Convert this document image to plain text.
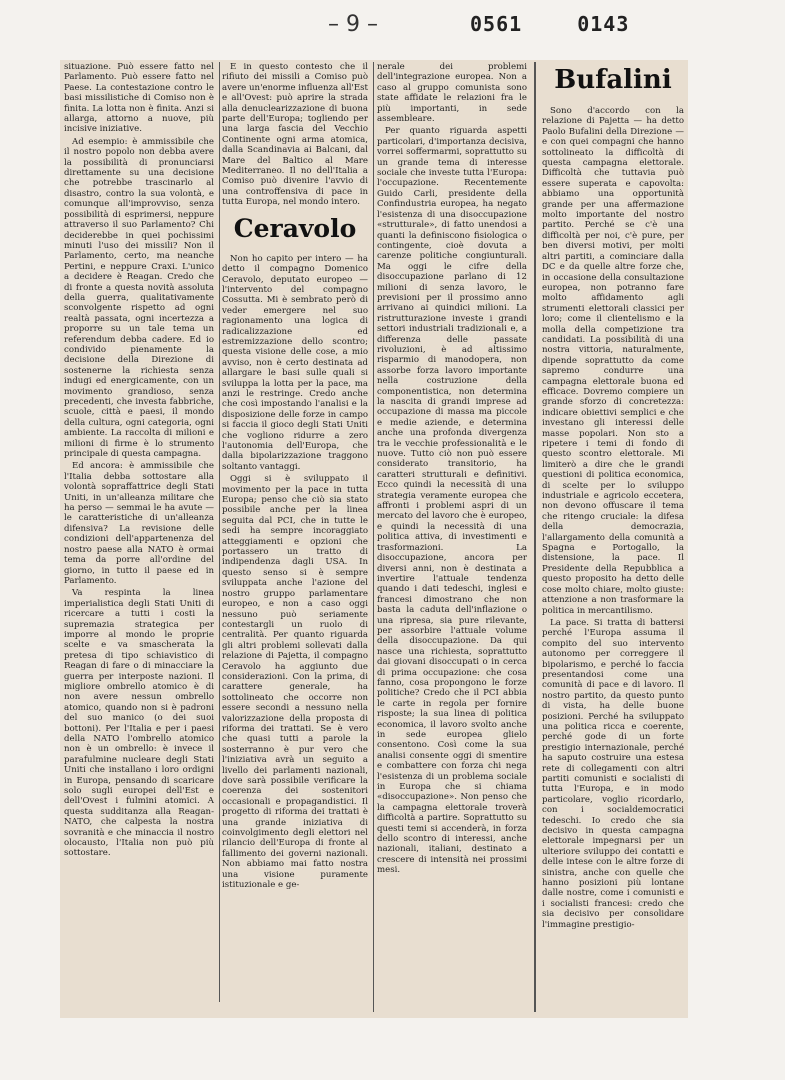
– 9 –	0561	0143

situazione. Può essere fatto nel Parlamento. Può essere fatto nel Paese. La contestazione contro le basi missilistiche di Comiso non è finita. La lotta non è finita. Anzi si allarga, attorno a nuove, più incisive iniziative.

Ad esempio: è ammissibile che il nostro popolo non debba avere la possibilità di pronunciarsi direttamente su una decisione che potrebbe trascinarlo al disastro, contro la sua volontà, e comunque all'improvviso, senza possibilità di esprimersi, neppure attraverso il suo Parlamento? Chi deciderebbe in quei pochissimi minuti l'uso dei missili? Non il Parlamento, certo, ma neanche Pertini, e neppure Craxi. L'unico a decidere è Reagan. Credo che di fronte a questa novità assoluta della guerra, qualitativamente sconvolgente rispetto ad ogni realtà passata, ogni incertezza a proporre su un tale tema un referendum debba cadere. Ed io condivido pienamente la decisione della Direzione di sostenerne la richiesta senza indugi ed energicamente, con un movimento grandioso, senza precedenti, che investa fabbriche, scuole, città e paesi, il mondo della cultura, ogni categoria, ogni ambiente. La raccolta di milioni e milioni di firme è lo strumento principale di questa campagna.

Ed ancora: è ammissibile che l'Italia debba sottostare alla volontà sopraffattrice degli Stati Uniti, in un'alleanza militare che ha perso — semmai le ha avute — le caratteristiche di un'alleanza difensiva? La revisione delle condizioni dell'appartenenza del nostro paese alla NATO è ormai tema da porre all'ordine del giorno, in tutto il paese ed in Parlamento.

Va respinta la linea imperialistica degli Stati Uniti di ricercare a tutti i costi la supremazia strategica per imporre al mondo le proprie scelte e va smascherata la pretesa di tipo schiavistico di Reagan di fare o di minacciare la guerra per interposte nazioni. Il migliore ombrello atomico è di non avere nessun ombrello atomico, quando non si è padroni del suo manico (o dei suoi bottoni). Per l'Italia e per i paesi della NATO l'ombrello atomico non è un ombrello: è invece il parafulmine nucleare degli Stati Uniti che installano i loro ordigni in Europa, pensando di scaricare solo sugli europei dell'Est e dell'Ovest i fulmini atomici. A questa sudditanza alla Reagan-NATO, che calpesta la nostra sovranità e che minaccia il nostro olocausto, l'Italia non può più sottostare.

E in questo contesto che il rifiuto dei missili a Comiso può avere un'enorme influenza all'Est e all'Ovest: può aprire la strada alla denuclearizzazione di buona parte dell'Europa; togliendo per una larga fascia del Vecchio Continente ogni arma atomica, dalla Scandinavia ai Balcani, dal Mare del Baltico al Mare Mediterraneo. Il no dell'Italia a Comiso può divenire l'avvio di una controffensiva di pace in tutta Europa, nel mondo intero.

Ceravolo

Non ho capito per intero — ha detto il compagno Domenico Ceravolo, deputato europeo — l'intervento del compagno Cossutta. Mi è sembrato però di veder emergere nel suo ragionamento una logica di radicalizzazione ed estremizzazione dello scontro; questa visione delle cose, a mio avviso, non è certo destinata ad allargare le basi sulle quali si sviluppa la lotta per la pace, ma anzi le restringe. Credo anche che così impostando l'analisi e la disposizione delle forze in campo si faccia il gioco degli Stati Uniti che vogliono ridurre a zero l'autonomia dell'Europa, che dalla bipolarizzazione traggono soltanto vantaggi.

Oggi si è sviluppato il movimento per la pace in tutta Europa; penso che ciò sia stato possibile anche per la linea seguita dal PCI, che in tutte le sedi ha sempre incoraggiato atteggiamenti e opzioni che portassero un tratto di indipendenza dagli USA. In questo senso si è sempre sviluppata anche l'azione del nostro gruppo parlamentare europeo, e non a caso oggi nessuno può seriamente contestargli un ruolo di centralità. Per quanto riguarda gli altri problemi sollevati dalla relazione di Pajetta, il compagno Ceravolo ha aggiunto due considerazioni. Con la prima, di carattere generale, ha sottolineato che occorre non essere secondi a nessuno nella valorizzazione della proposta di riforma dei trattati. Se è vero che quasi tutti a parole la sosterranno è pur vero che l'iniziativa avrà un seguito a livello dei parlamenti nazionali, dove sarà possibile verificare la coerenza dei sostenitori occasionali e propagandistici. Il progetto di riforma dei trattati è una grande iniziativa di coinvolgimento degli elettori nel rilancio dell'Europa di fronte al fallimento dei governi nazionali. Non abbiamo mai fatto nostra una visione puramente istituzionale e ge-

nerale dei problemi dell'integrazione europea. Non a caso al gruppo comunista sono state affidate le relazioni fra le più importanti, in sede assembleare.

Per quanto riguarda aspetti particolari, d'importanza decisiva, vorrei soffermarmi, soprattutto su un grande tema di interesse sociale che investe tutta l'Europa: l'occupazione. Recentemente Guido Carli, presidente della Confindustria europea, ha negato l'esistenza di una disoccupazione «strutturale», di fatto unendosi a quanti la definiscono fisiologica o contingente, cioè dovuta a carenze politiche congiunturali. Ma oggi le cifre della disoccupazione parlano di 12 milioni di senza lavoro, le previsioni per il prossimo anno arrivano ai quindici milioni. La ristrutturazione investe i grandi settori industriali tradizionali e, a differenza delle passate rivoluzioni, è ad altissimo risparmio di manodopera, non assorbe forza lavoro importante nella costruzione della componentistica, non determina la nascita di grandi imprese ad occupazione di massa ma piccole e medie aziende, e determina anche una profonda divergenza tra le vecchie professionalità e le nuove. Tutto ciò non può essere considerato transitorio, ha caratteri strutturali e definitivi. Ecco quindi la necessità di una strategia veramente europea che affronti i problemi aspri di un mercato del lavoro che è europeo, e quindi la necessità di una politica attiva, di investimenti e trasformazioni. La disoccupazione, ancora per diversi anni, non è destinata a invertire l'attuale tendenza quando i dati tedeschi, inglesi e francesi dimostrano che non basta la caduta dell'inflazione o una ripresa, sia pure rilevante, per assorbire l'attuale volume della disoccupazione. Da qui nasce una richiesta, soprattutto dai giovani disoccupati o in cerca di prima occupazione: che cosa fanno, cosa propongono le forze politiche? Credo che il PCI abbia le carte in regola per fornire risposte; la sua linea di politica economica, il lavoro svolto anche in sede europea glielo consentono. Così come la sua analisi consente oggi di smentire e combattere con forza chi nega l'esistenza di un problema sociale in Europa che si chiama «disoccupazione». Non penso che la campagna elettorale troverà difficoltà a partire. Soprattutto su questi temi si accenderà, in forza dello scontro di interessi, anche nazionali, italiani, destinato a crescere di intensità nei prossimi mesi.

Bufalini

Sono d'accordo con la relazione di Pajetta — ha detto Paolo Bufalini della Direzione — e con quei compagni che hanno sottolineato la difficoltà di questa campagna elettorale. Difficoltà che tuttavia può essere superata e capovolta: abbiamo una opportunità grande per una affermazione molto importante del nostro partito. Perché se c'è una difficoltà per noi, c'è pure, per ben diversi motivi, per molti altri partiti, a cominciare dalla DC e da quelle altre forze che, in occasione della consultazione europea, non potranno fare molto affidamento agli strumenti elettorali classici per loro; come il clientelismo e la molla della competizione tra candidati. La possibilità di una nostra vittoria, naturalmente, dipende soprattutto da come sapremo condurre una campagna elettorale buona ed efficace. Dovremo compiere un grande sforzo di concretezza: indicare obiettivi semplici e che investano gli interessi delle masse popolari. Non sto a ripetere i temi di fondo di questo scontro elettorale. Mi limiterò a dire che le grandi questioni di politica economica, di scelte per lo sviluppo industriale e agricolo eccetera, non devono offuscare il tema che ritengo cruciale: la difesa della democrazia, l'allargamento della comunità a Spagna e Portogallo, la distensione, la pace. Il Presidente della Repubblica a questo proposito ha detto delle cose molto chiare, molto giuste: attenzione a non trasformare la politica in mercantilismo.

La pace. Si tratta di battersi perché l'Europa assuma il compito del suo intervento autonomo per correggere il bipolarismo, e perché lo faccia presentandosi come una comunità di pace e di lavoro. Il nostro partito, da questo punto di vista, ha delle buone posizioni. Perché ha sviluppato una politica ricca e coerente, perché gode di un forte prestigio internazionale, perché ha saputo costruire una estesa rete di collegamenti con altri partiti comunisti e socialisti di tutta l'Europa, e in modo particolare, voglio ricordarlo, con i socialdemocratici tedeschi. Io credo che sia decisivo in questa campagna elettorale impegnarsi per un ulteriore sviluppo dei contatti e delle intese con le altre forze di sinistra, anche con quelle che hanno posizioni più lontane dalle nostre, come i comunisti e i socialisti francesi: credo che sia decisivo per consolidare l'immagine prestigio-
